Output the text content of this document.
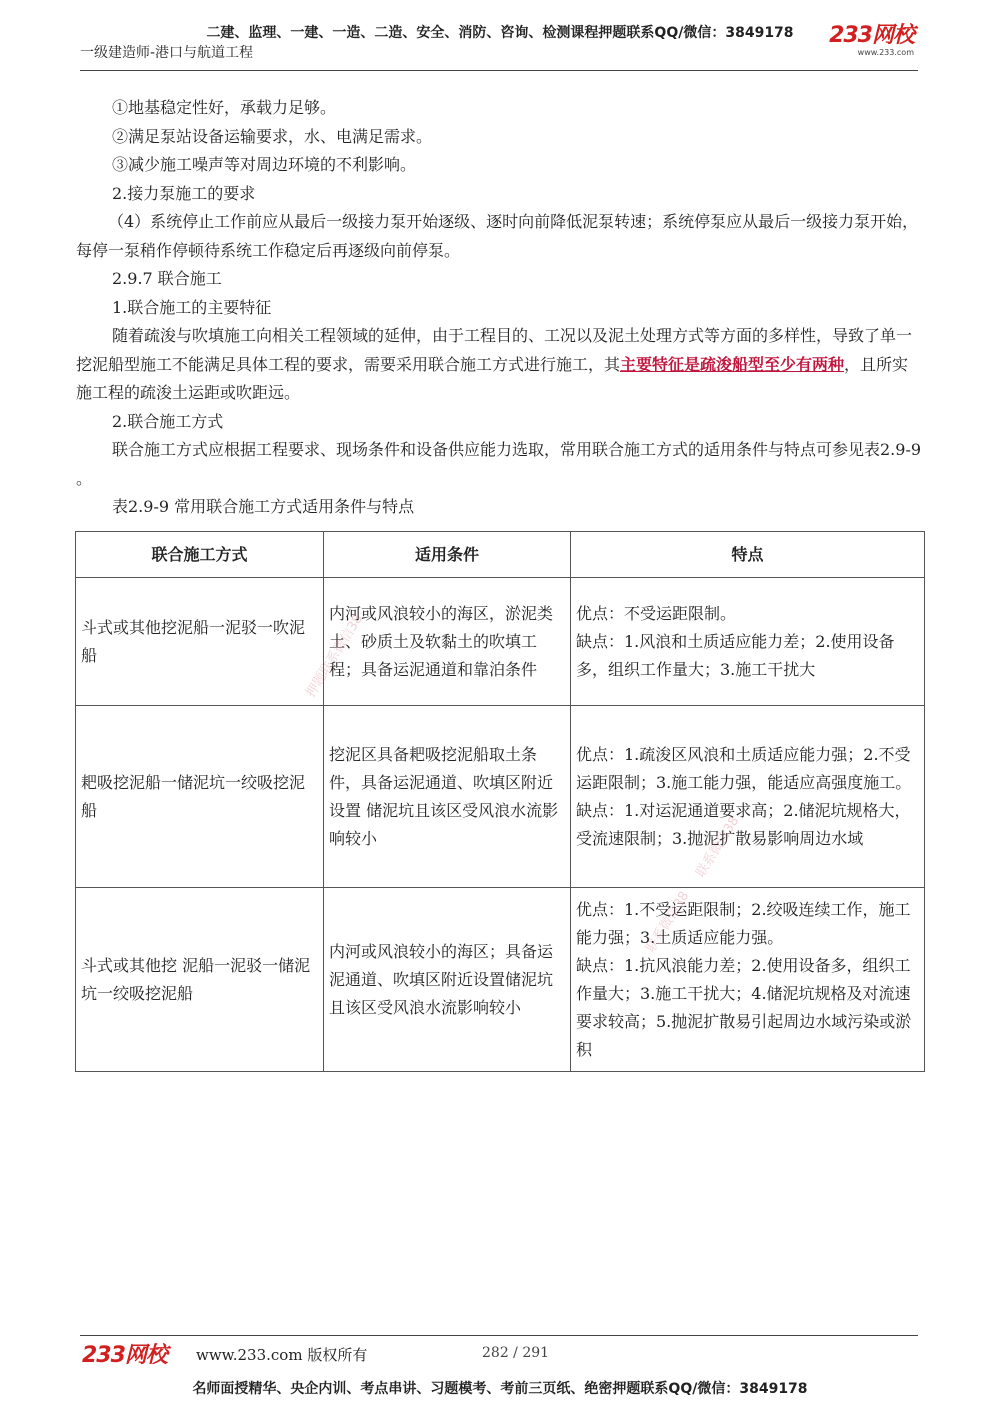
二建、监理、一建、一造、二造、安全、消防、咨询、检测课程押题联系QQ/微信：3849178
一级建造师-港口与航道工程
233网校
www.233.com

①地基稳定性好，承载力足够。

②满足泵站设备运输要求，水、电满足需求。

③减少施工噪声等对周边环境的不利影响。

2.接力泵施工的要求

（4）系统停止工作前应从最后一级接力泵开始逐级、逐时向前降低泥泵转速；系统停泵应从最后一级接力泵开始，每停一泵稍作停顿待系统工作稳定后再逐级向前停泵。

2.9.7 联合施工

1.联合施工的主要特征

随着疏浚与吹填施工向相关工程领域的延伸，由于工程目的、工况以及泥土处理方式等方面的多样性，导致了单一挖泥船型施工不能满足具体工程的要求，需要采用联合施工方式进行施工，其主要特征是疏浚船型至少有两种，且所实施工程的疏浚土运距或吹距远。

2.联合施工方式

联合施工方式应根据工程要求、现场条件和设备供应能力选取，常用联合施工方式的适用条件与特点可参见表2.9-9 。

表2.9-9 常用联合施工方式适用条件与特点

联合施工方式	适用条件	特点
斗式或其他挖泥船一泥驳一吹泥船	内河或风浪较小的海区，淤泥类土、砂质土及软黏土的吹填工程；具备运泥通道和靠泊条件	优点：不受运距限制。
缺点：1.风浪和土质适应能力差；2.使用设备多，组织工作量大；3.施工干扰大

耙吸挖泥船一储泥坑一绞吸挖泥船	挖泥区具备耙吸挖泥船取土条件，具备运泥通道、吹填区附近设置 储泥坑且该区受风浪水流影响较小	优点：1.疏浚区风浪和土质适应能力强；2.不受运距限制；3.施工能力强，能适应高强度施工。
缺点：1.对运泥通道要求高；2.储泥坑规格大， 受流速限制；3.抛泥扩散易影响周边水域

斗式或其他挖 泥船一泥驳一储泥坑一绞吸挖泥船	内河或风浪较小的海区；具备运泥通道、吹填区附近设置储泥坑且该区受风浪水流影响较小	优点：1.不受运距限制；2.绞吸连续工作，施工能力强；3.土质适应能力强。
缺点：1.抗风浪能力差；2.使用设备多，组织工作量大；3.施工干扰大；4.储泥坑规格及对流速要求较高；5.抛泥扩散易引起周边水域污染或淤积
押题联系微信38
联系微信38
联系微信38
233网校 www.233.com 版权所有	282 / 291
名师面授精华、央企内训、考点串讲、习题模考、考前三页纸、绝密押题联系QQ/微信：3849178
